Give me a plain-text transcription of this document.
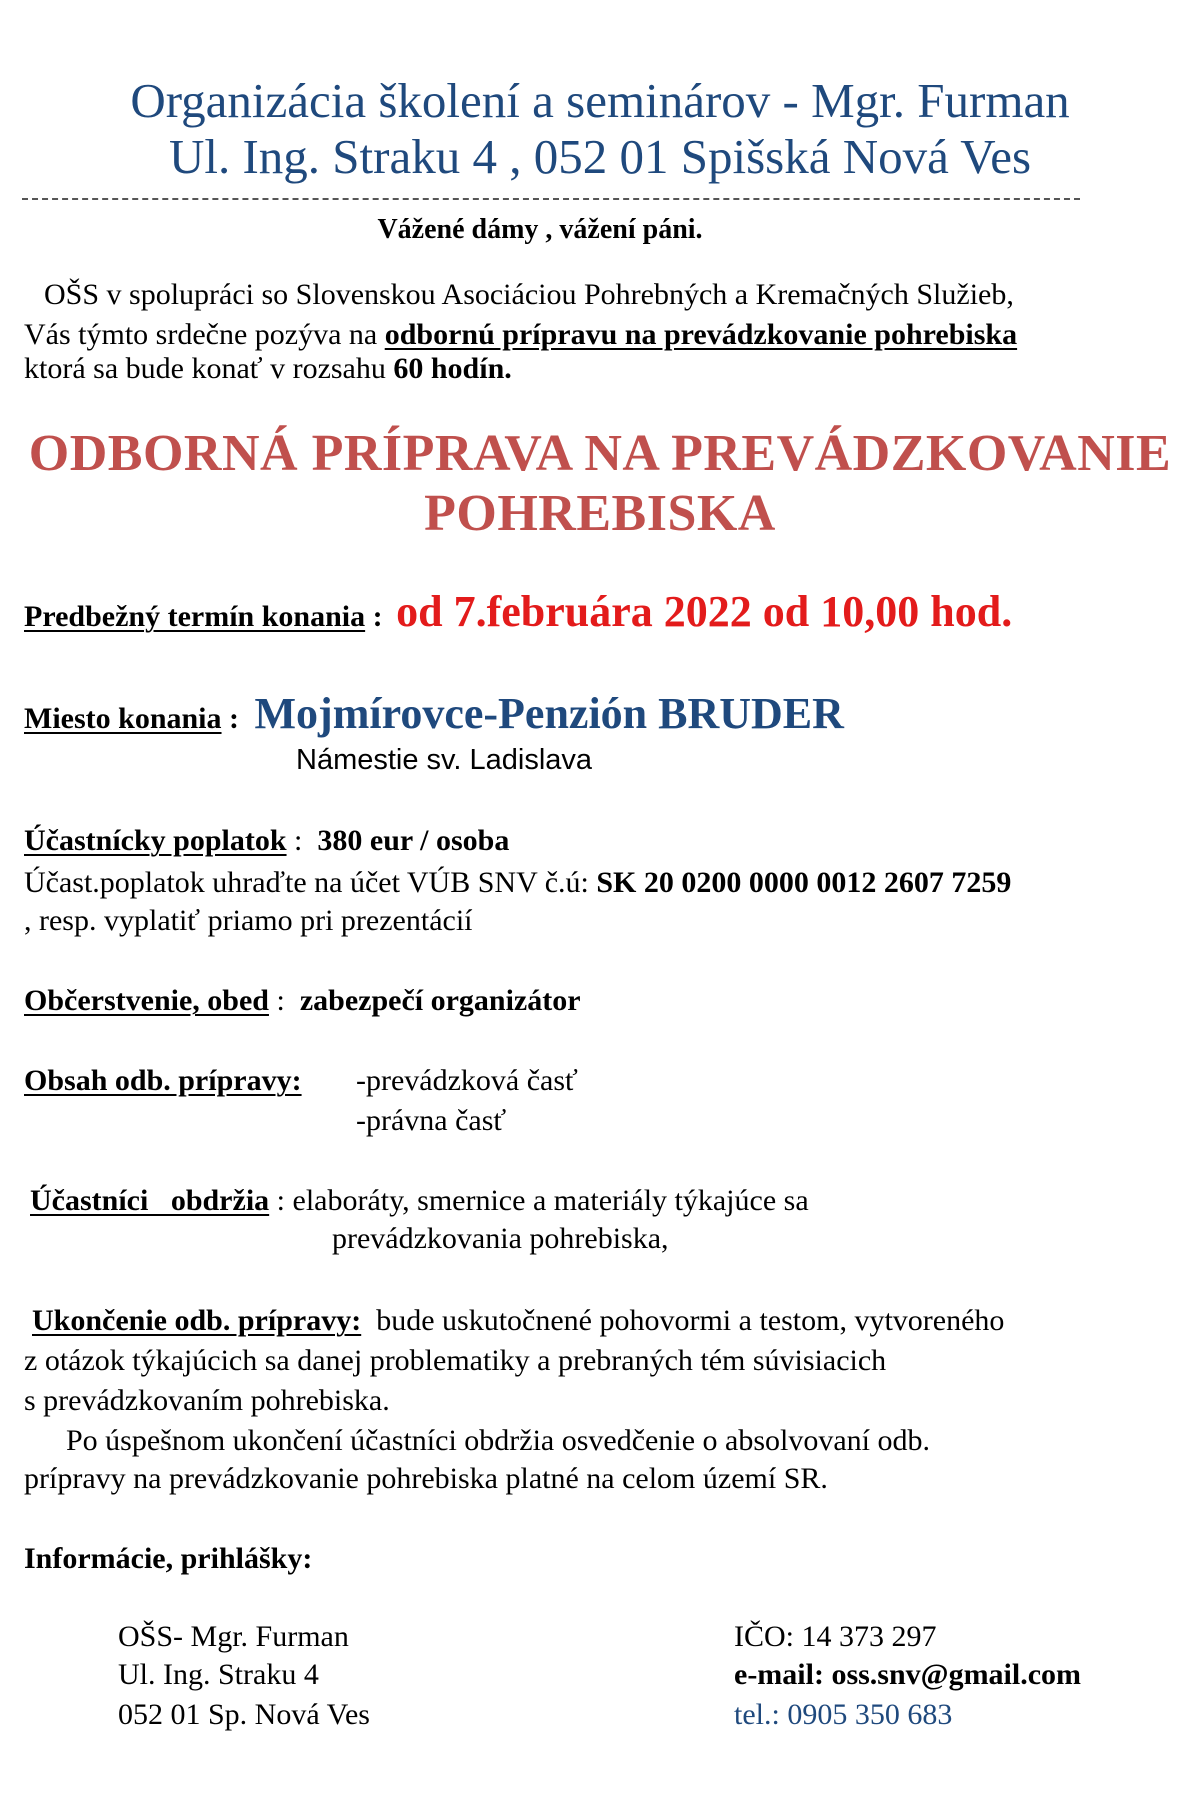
Organizácia školení a seminárov - Mgr. Furman
Ul. Ing. Straku 4 , 052 01 Spišská Nová Ves
Vážené dámy , vážení páni.
OŠS v spolupráci so Slovenskou Asociáciou Pohrebných a Kremačných Služieb,
Vás týmto srdečne pozýva na odbornú prípravu na prevádzkovanie pohrebiska
ktorá sa bude konať v rozsahu 60 hodín.
ODBORNÁ PRÍPRAVA NA PREVÁDZKOVANIE
POHREBISKA
Predbežný termín konania : od 7.februára 2022 od 10,00 hod.
Miesto konania : Mojmírovce-Penzión BRUDER
Námestie sv. Ladislava
Účastnícky poplatok :  380 eur / osoba
Účast.poplatok uhraďte na účet VÚB SNV č.ú: SK 20 0200 0000 0012 2607 7259
, resp. vyplatiť priamo pri prezentácií
Občerstvenie, obed :  zabezpečí organizátor
Obsah odb. prípravy: -prevádzková časť
-právna časť
Účastníci   obdržia : elaboráty, smernice a materiály týkajúce sa
prevádzkovania pohrebiska,
Ukončenie odb. prípravy:  bude uskutočnené pohovormi a testom, vytvoreného
z otázok týkajúcich sa danej problematiky a prebraných tém súvisiacich
s prevádzkovaním pohrebiska.
Po úspešnom ukončení účastníci obdržia osvedčenie o absolvovaní odb.
prípravy na prevádzkovanie pohrebiska platné na celom území SR.
Informácie, prihlášky:
OŠS- Mgr. Furman
Ul. Ing. Straku 4
052 01 Sp. Nová Ves
IČO: 14 373 297
e-mail: oss.snv@gmail.com
tel.: 0905 350 683
